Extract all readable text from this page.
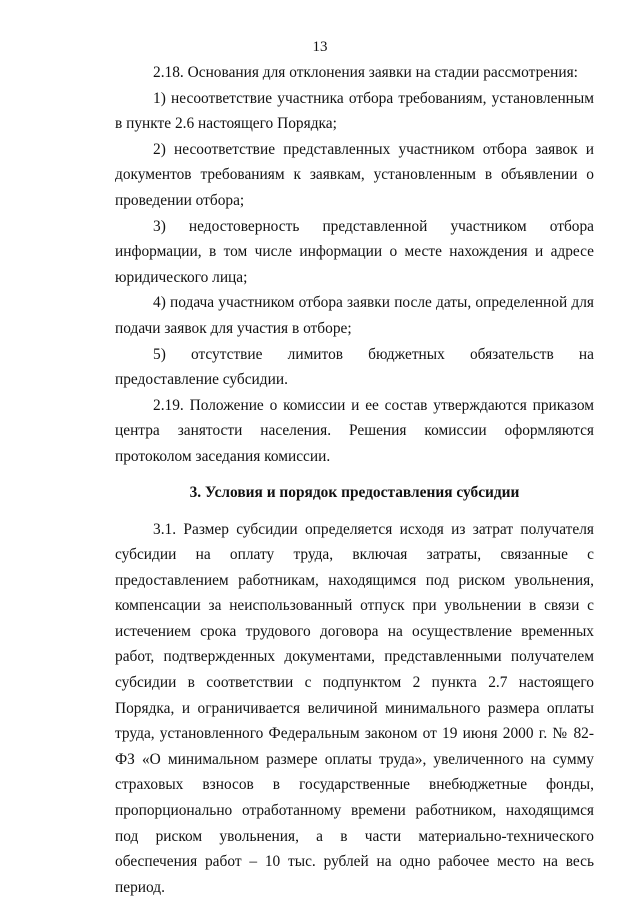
13

2.18. Основания для отклонения заявки на стадии рассмотрения:

1) несоответствие участника отбора требованиям, установленным в пункте 2.6 настоящего Порядка;

2) несоответствие представленных участником отбора заявок и документов требованиям к заявкам, установленным в объявлении о проведении отбора;

3) недостоверность представленной участником отбора информации, в том числе информации о месте нахождения и адресе юридического лица;

4) подача участником отбора заявки после даты, определенной для подачи заявок для участия в отборе;

5) отсутствие лимитов бюджетных обязательств на предоставление субсидии.

2.19. Положение о комиссии и ее состав утверждаются приказом центра занятости населения. Решения комиссии оформляются протоколом заседания комиссии.

3. Условия и порядок предоставления субсидии

3.1. Размер субсидии определяется исходя из затрат получателя субсидии на оплату труда, включая затраты, связанные с предоставлением работникам, находящимся под риском увольнения, компенсации за неиспользованный отпуск при увольнении в связи с истечением срока трудового договора на осуществление временных работ, подтвержденных документами, представленными получателем субсидии в соответствии с подпунктом 2 пункта 2.7 настоящего Порядка, и ограничивается величиной минимального размера оплаты труда, установленного Федеральным законом от 19 июня 2000 г. № 82-ФЗ «О минимальном размере оплаты труда», увеличенного на сумму страховых взносов в государственные внебюджетные фонды, пропорционально отработанному времени работником, находящимся под риском увольнения, а в части материально-технического обеспечения работ – 10 тыс. рублей на одно рабочее место на весь период.
